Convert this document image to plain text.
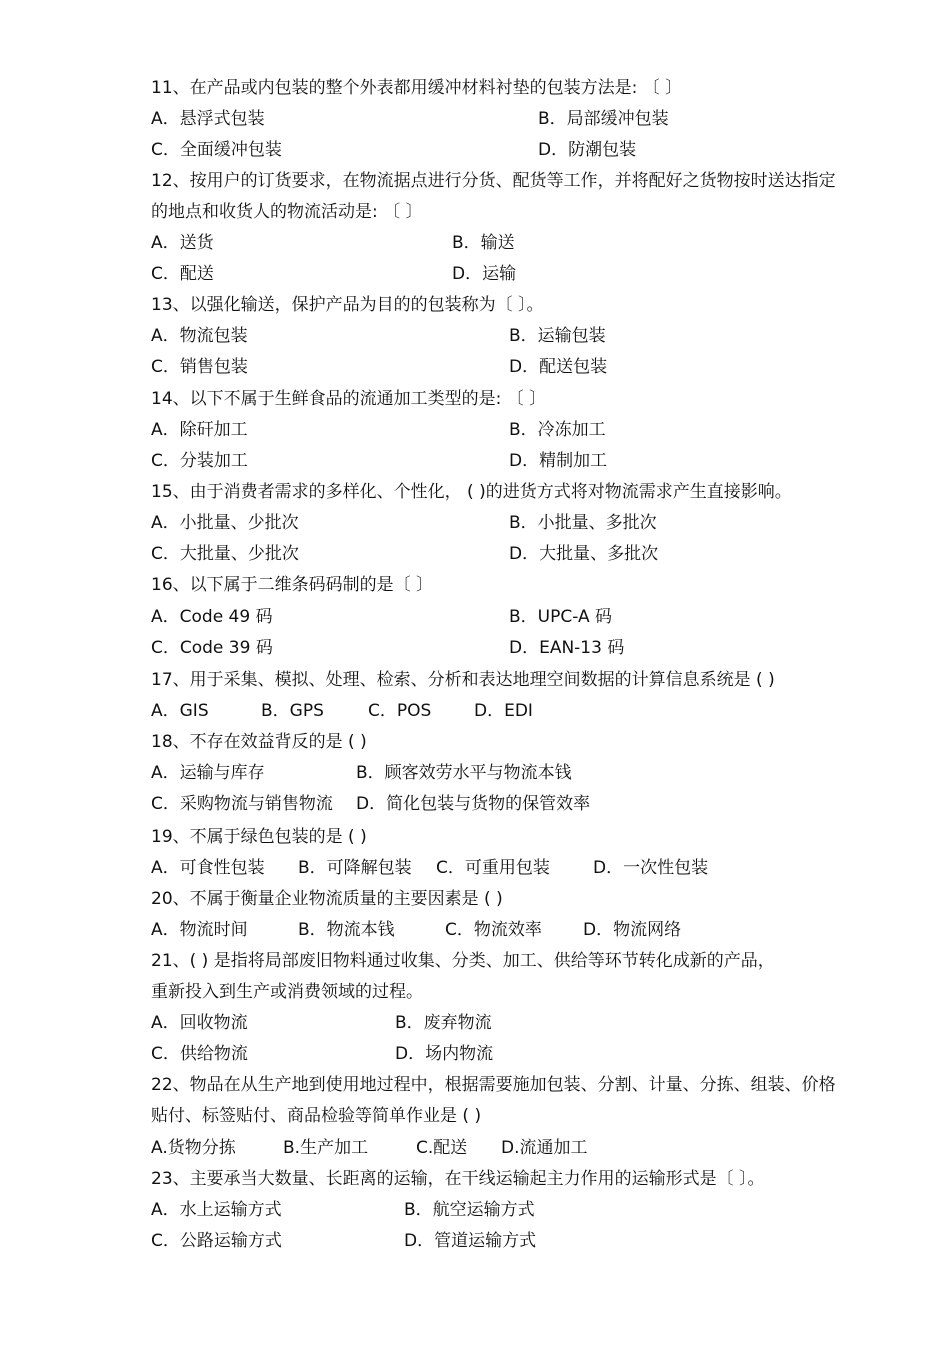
11、在产品或内包装的整个外表都用缓冲材料衬垫的包装方法是: 〔 〕
A．悬浮式包装	B．局部缓冲包装
C．全面缓冲包装	D．防潮包装
12、按用户的订货要求，在物流据点进行分货、配货等工作，并将配好之货物按时送达指定
的地点和收货人的物流活动是: 〔 〕
A．送货	B．输送
C．配送	D．运输
13、以强化输送，保护产品为目的的包装称为〔 〕。
A．物流包装	B．运输包装
C．销售包装	D．配送包装
14、以下不属于生鲜食品的流通加工类型的是: 〔 〕
A．除矸加工	B．冷冻加工
C．分装加工	D．精制加工
15、由于消费者需求的多样化、个性化， ( )的进货方式将对物流需求产生直接影响。
A．小批量、少批次	B．小批量、多批次
C．大批量、少批次	D．大批量、多批次
16、以下属于二维条码码制的是〔 〕
A．Code 49 码	B．UPC-A 码
C．Code 39 码	D．EAN-13 码
17、用于采集、模拟、处理、检索、分析和表达地理空间数据的计算信息系统是 ( )
A．GIS	B．GPS	C．POS	D．EDI
18、不存在效益背反的是 ( )
A．运输与库存	B．顾客效劳水平与物流本钱
C．采购物流与销售物流 D．简化包装与货物的保管效率
19、不属于绿色包装的是 ( )
A．可食性包装 B．可降解包装 C．可重用包装	D．一次性包装
20、不属于衡量企业物流质量的主要因素是 ( )
A．物流时间	B．物流本钱	C．物流效率 D．物流网络
21、( ) 是指将局部废旧物料通过收集、分类、加工、供给等环节转化成新的产品，
重新投入到生产或消费领域的过程。
A．回收物流	B．废弃物流
C．供给物流	D．场内物流
22、物品在从生产地到使用地过程中，根据需要施加包装、分割、计量、分拣、组装、价格
贴付、标签贴付、商品检验等简单作业是 ( )
A.货物分拣	B.生产加工	C.配送 D.流通加工
23、主要承当大数量、长距离的运输，在干线运输起主力作用的运输形式是〔 〕。
A．水上运输方式	B．航空运输方式
C．公路运输方式	D．管道运输方式
